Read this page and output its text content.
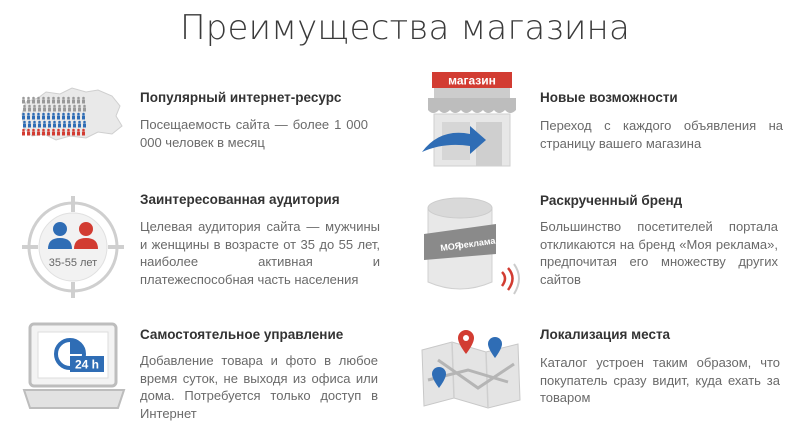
Преимущества магазина
Популярный интернет-ресурс
Посещаемость сайта — более 1 000 000 человек в месяц
магазин
Новые возможности
Переход с каждого объявления на страницу вашего магазина
35-55 лет
Заинтересованная аудитория
Целевая аудитория сайта — мужчины и женщины в возрасте от 35 до 55 лет, наиболее активная и платежеспособная часть населения
МОЯ
реклама
Раскрученный бренд
Большинство посетителей портала откликаются на бренд «Моя реклама», предпочитая его множеству других сайтов
24 h
Самостоятельное управление
Добавление товара и фото в любое время суток, не выходя из офиса или дома. Потребуется только доступ в Интернет
Локализация места
Каталог устроен таким образом, что покупатель сразу видит, куда ехать за товаром
